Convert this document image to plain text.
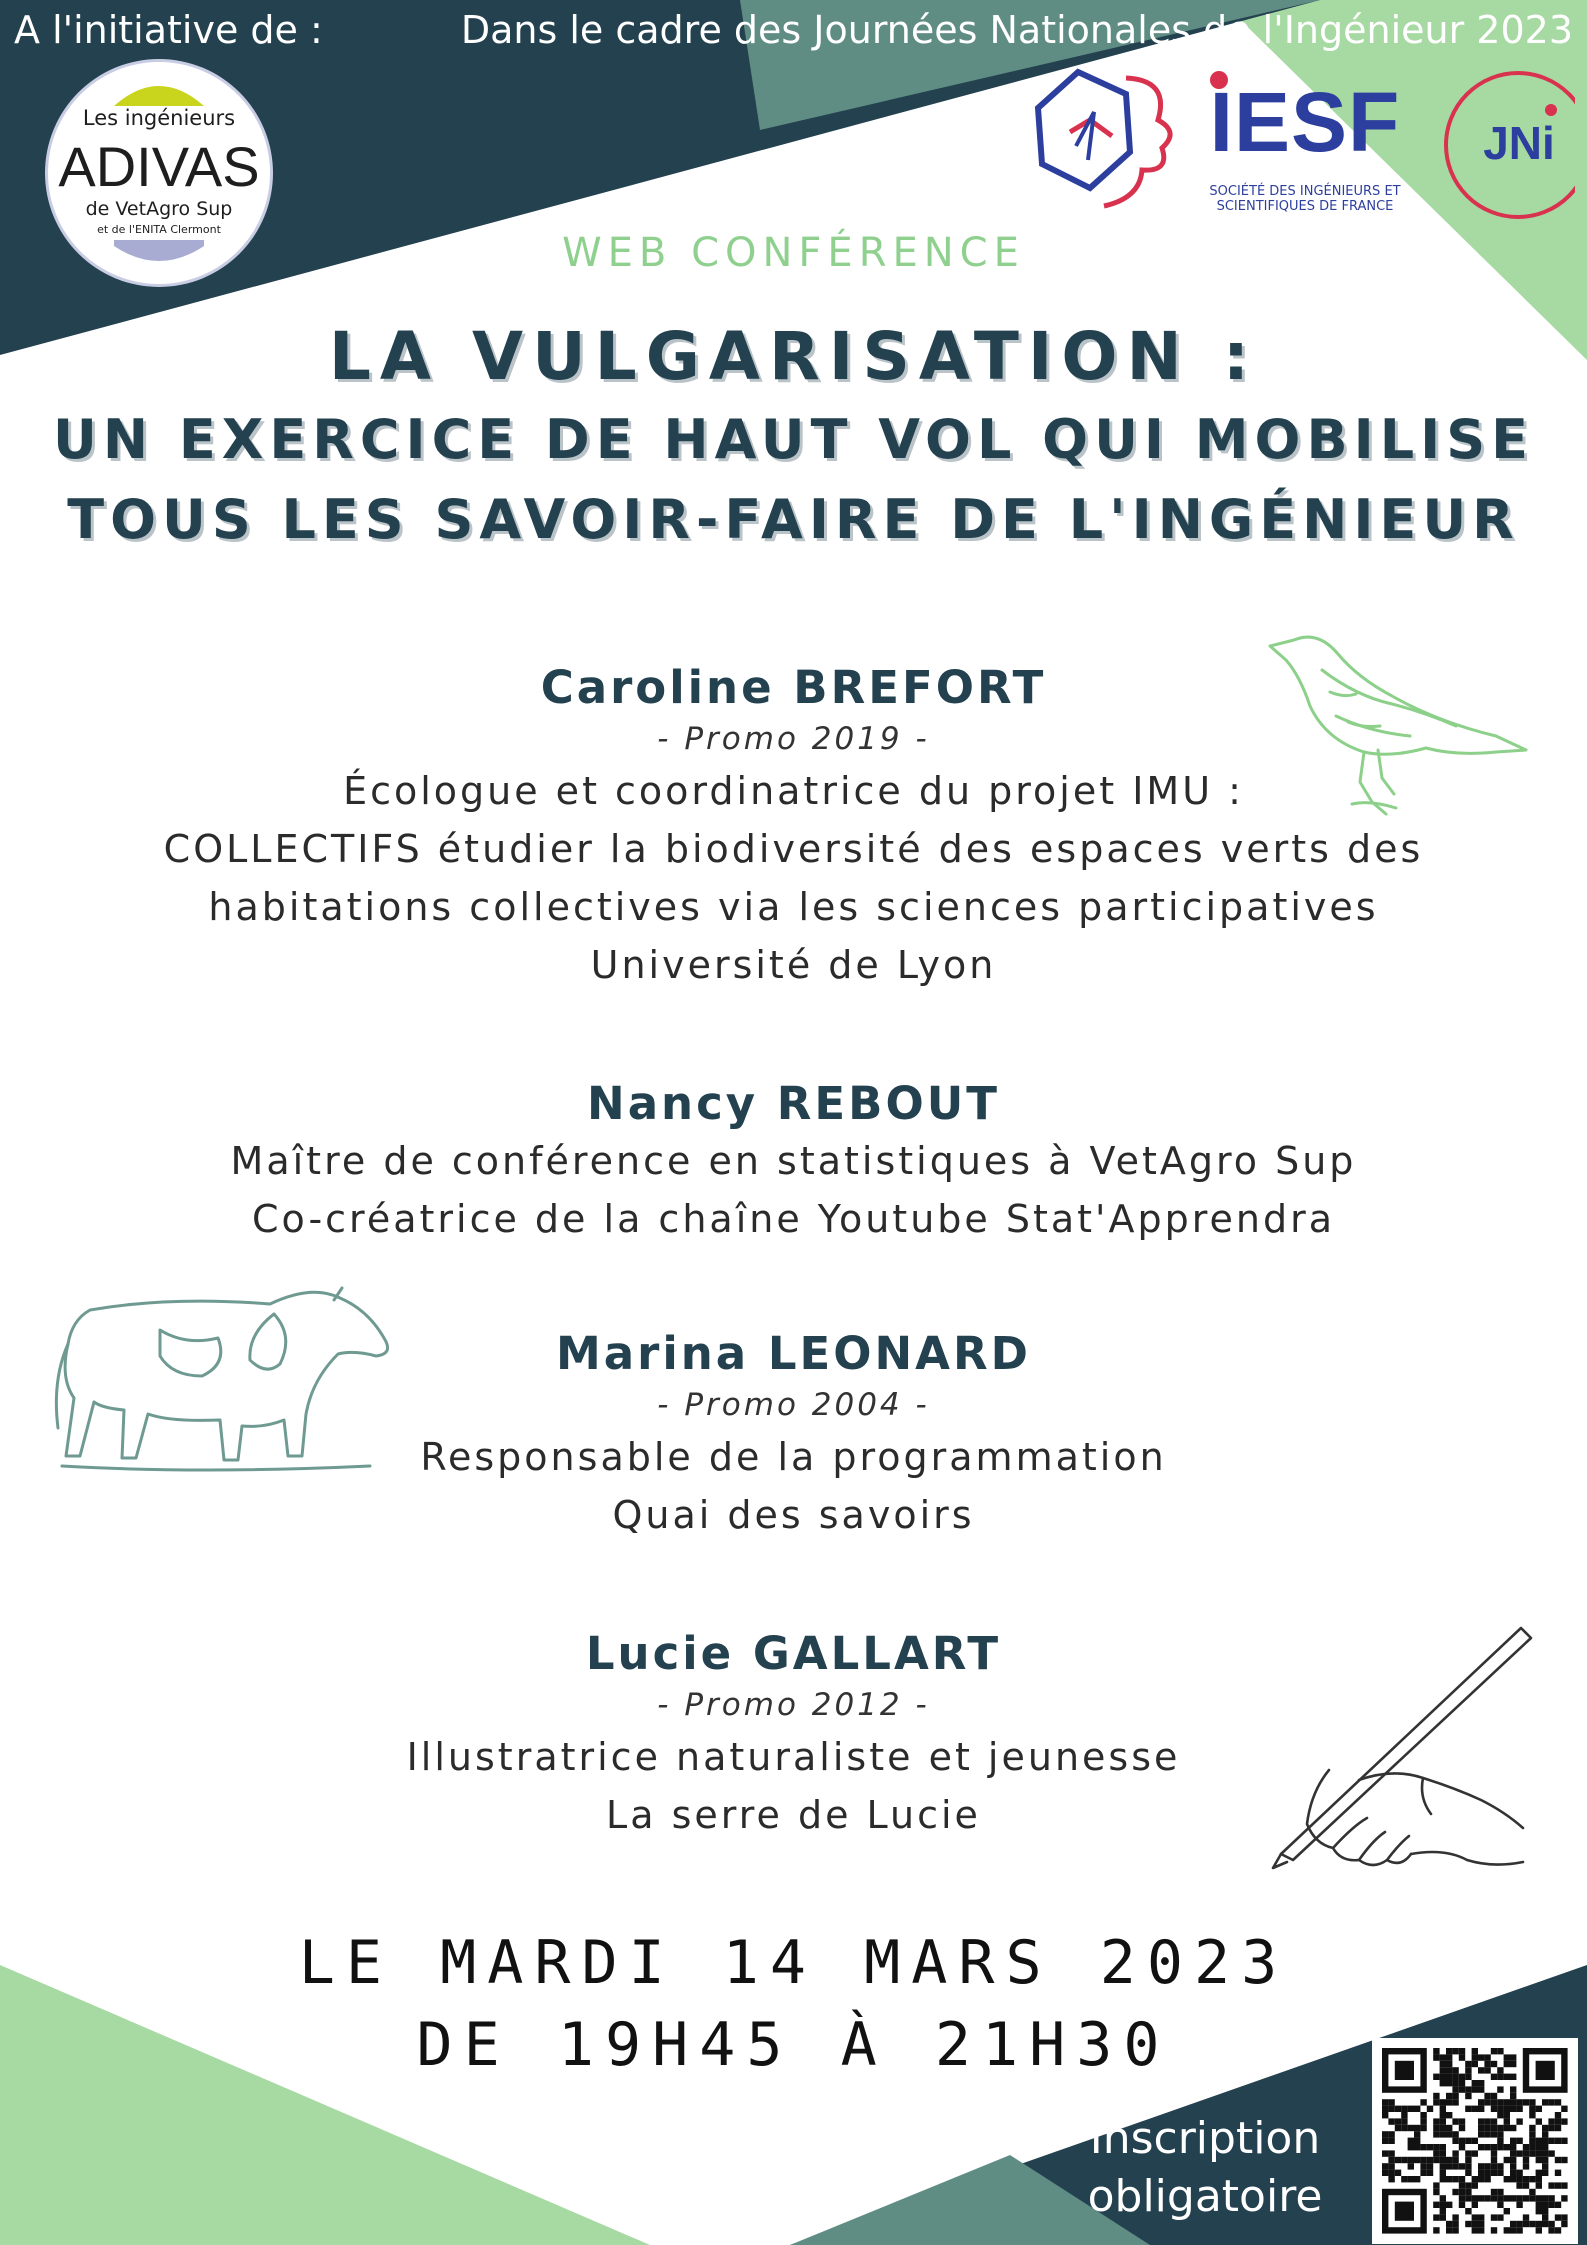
A l'initiative de :	Dans le cadre des Journées Nationales de l'Ingénieur 2023
Les ingénieurs
ADIVAS
de VetAgro Sup
et de l'ENITA Clermont
IESF
SOCIÉTÉ DES INGÉNIEURS ET
SCIENTIFIQUES DE FRANCE
JNi
WEB CONFÉRENCE
LA VULGARISATION :
UN EXERCICE DE HAUT VOL QUI MOBILISE
TOUS LES SAVOIR-FAIRE DE L'INGÉNIEUR
Caroline BREFORT
- Promo 2019 -
Écologue et coordinatrice du projet IMU :
COLLECTIFS étudier la biodiversité des espaces verts des
habitations collectives via les sciences participatives
Université de Lyon
Nancy REBOUT
Maître de conférence en statistiques à VetAgro Sup
Co-créatrice de la chaîne Youtube Stat'Apprendra
Marina LEONARD
- Promo 2004 -
Responsable de la programmation
Quai des savoirs
Lucie GALLART
- Promo 2012 -
Illustratrice naturaliste et jeunesse
La serre de Lucie
LE MARDI 14 MARS 2023
DE 19H45 À 21H30
Inscription
obligatoire
